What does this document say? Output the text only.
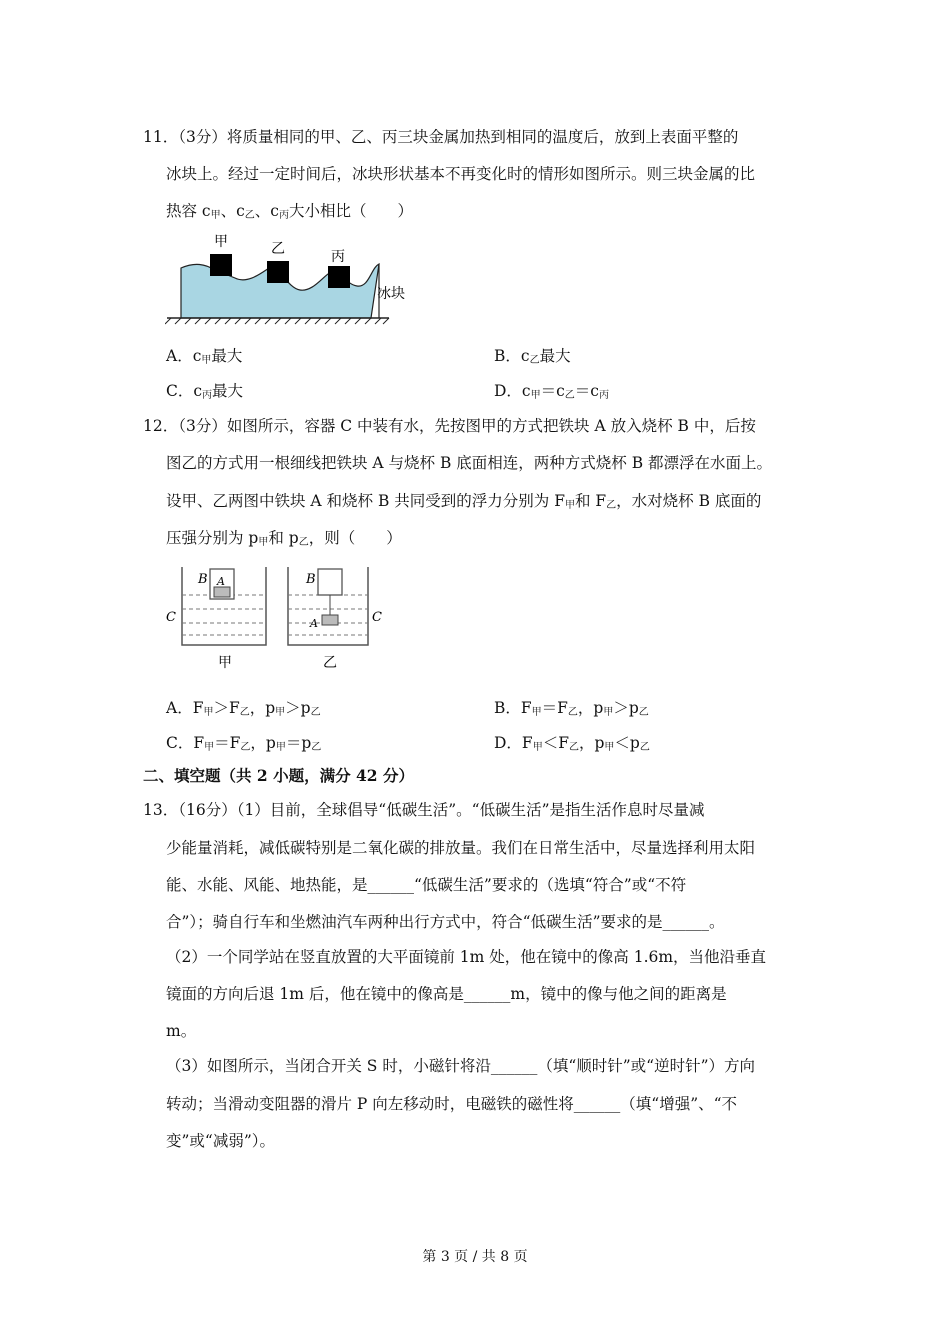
11．（3分）将质量相同的甲、乙、丙三块金属加热到相同的温度后，放到上表面平整的
冰块上。经过一定时间后，冰块形状基本不再变化时的情形如图所示。则三块金属的比
热容 $c_甲$、$c_乙$、$c_丙$大小相比（　　）
甲	乙	丙
冰块
A．$c_甲$最大	B．$c_乙$最大
C．$c_丙$最大	D．$c_甲=c_乙=c_丙$
12．（3分）如图所示，容器 C 中装有水，先按图甲的方式把铁块 A 放入烧杯 B 中，后按
图乙的方式用一根细线把铁块 A 与烧杯 B 底面相连，两种方式烧杯 B 都漂浮在水面上。
设甲、乙两图中铁块 A 和烧杯 B 共同受到的浮力分别为 $F_甲$和 $F_乙$，水对烧杯 B 底面的
压强分别为 $p_甲$和 $p_乙$，则（　　）
B A
C
甲
B
A	C
乙
A．$F_甲>F_乙$，$p_甲>p_乙$	B．$F_甲=F_乙$，$p_甲>p_乙$
C．$F_甲=F_乙$，$p_甲=p_乙$	D．$F_甲<F_乙$，$p_甲<p_乙$
二、填空题（共 2 小题，满分 42 分）
13．（16分）（1）目前，全球倡导“低碳生活”。“低碳生活”是指生活作息时尽量减
少能量消耗，减低碳特别是二氧化碳的排放量。我们在日常生活中，尽量选择利用太阳
能、水能、风能、地热能，是______“低碳生活”要求的（选填“符合”或“不符
合”）；骑自行车和坐燃油汽车两种出行方式中，符合“低碳生活”要求的是______。
（2）一个同学站在竖直放置的大平面镜前 1m 处，他在镜中的像高 1.6m，当他沿垂直
镜面的方向后退 1m 后，他在镜中的像高是______m，镜中的像与他之间的距离是
m。
（3）如图所示，当闭合开关 S 时，小磁针将沿______（填“顺时针”或“逆时针”）方向
转动；当滑动变阻器的滑片 P 向左移动时，电磁铁的磁性将______（填“增强”、“不
变”或“减弱”）。
第 3 页 / 共 8 页
